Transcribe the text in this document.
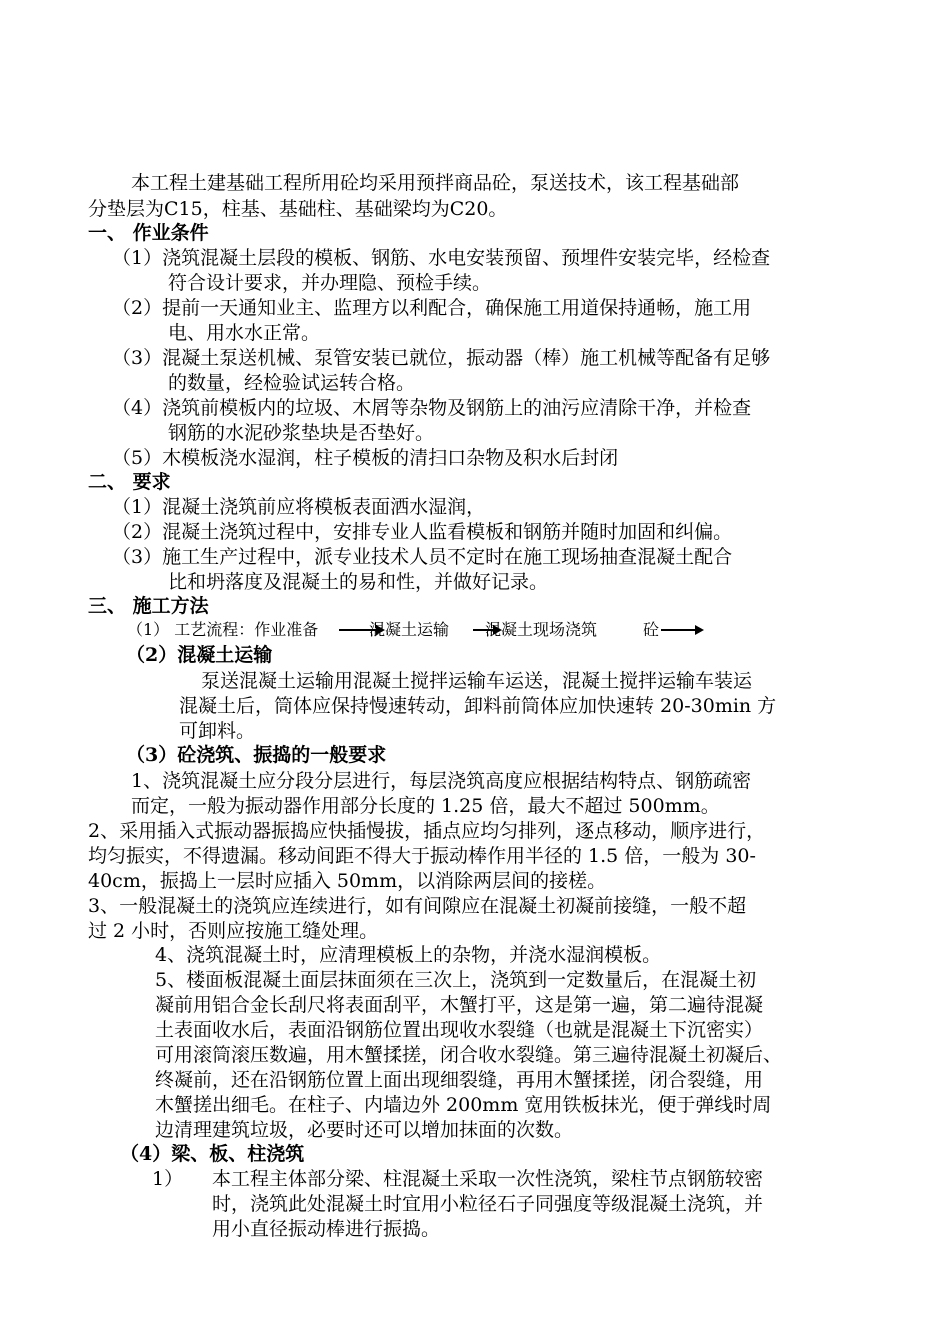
本工程土建基础工程所用砼均采用预拌商品砼，泵送技术，该工程基础部
分垫层为C15，柱基、基础柱、基础梁均为C20。
一、 作业条件
（1）浇筑混凝土层段的模板、钢筋、水电安装预留、预埋件安装完毕，经检查
符合设计要求，并办理隐、预检手续。
（2）提前一天通知业主、监理方以利配合，确保施工用道保持通畅，施工用
电、用水水正常。
（3）混凝土泵送机械、泵管安装已就位，振动器（棒）施工机械等配备有足够
的数量，经检验试运转合格。
（4）浇筑前模板内的垃圾、木屑等杂物及钢筋上的油污应清除干净，并检查
钢筋的水泥砂浆垫块是否垫好。
（5）木模板浇水湿润，柱子模板的清扫口杂物及积水后封闭
二、 要求
（1）混凝土浇筑前应将模板表面洒水湿润，
（2）混凝土浇筑过程中，安排专业人监看模板和钢筋并随时加固和纠偏。
（3）施工生产过程中，派专业技术人员不定时在施工现场抽查混凝土配合
比和坍落度及混凝土的易和性，并做好记录。
三、 施工方法
（1） 工艺流程：作业准备	混凝土运输 混凝土现场浇筑	砼
（2）混凝土运输
泵送混凝土运输用混凝土搅拌运输车运送，混凝土搅拌运输车装运
混凝土后，筒体应保持慢速转动，卸料前筒体应加快速转 20-30min 方
可卸料。
（3）砼浇筑、振捣的一般要求
1、浇筑混凝土应分段分层进行，每层浇筑高度应根据结构特点、钢筋疏密
而定，一般为振动器作用部分长度的 1.25 倍，最大不超过 500mm。
2、采用插入式振动器振捣应快插慢拔，插点应均匀排列，逐点移动，顺序进行，
均匀振实，不得遗漏。移动间距不得大于振动棒作用半径的 1.5 倍，一般为 30-
40cm，振捣上一层时应插入 50mm，以消除两层间的接槎。
3、一般混凝土的浇筑应连续进行，如有间隙应在混凝土初凝前接缝，一般不超
过 2 小时，否则应按施工缝处理。
4、浇筑混凝土时，应清理模板上的杂物，并浇水湿润模板。
5、楼面板混凝土面层抹面须在三次上，浇筑到一定数量后，在混凝土初
凝前用铝合金长刮尺将表面刮平，木蟹打平，这是第一遍，第二遍待混凝
土表面收水后，表面沿钢筋位置出现收水裂缝（也就是混凝土下沉密实）
可用滚筒滚压数遍，用木蟹揉搓，闭合收水裂缝。第三遍待混凝土初凝后、
终凝前，还在沿钢筋位置上面出现细裂缝，再用木蟹揉搓，闭合裂缝，用
木蟹搓出细毛。在柱子、内墙边外 200mm 宽用铁板抹光，便于弹线时周
边清理建筑垃圾，必要时还可以增加抹面的次数。
（4）梁、板、柱浇筑
1） 本工程主体部分梁、柱混凝土采取一次性浇筑，梁柱节点钢筋较密
时，浇筑此处混凝土时宜用小粒径石子同强度等级混凝土浇筑，并
用小直径振动棒进行振捣。
